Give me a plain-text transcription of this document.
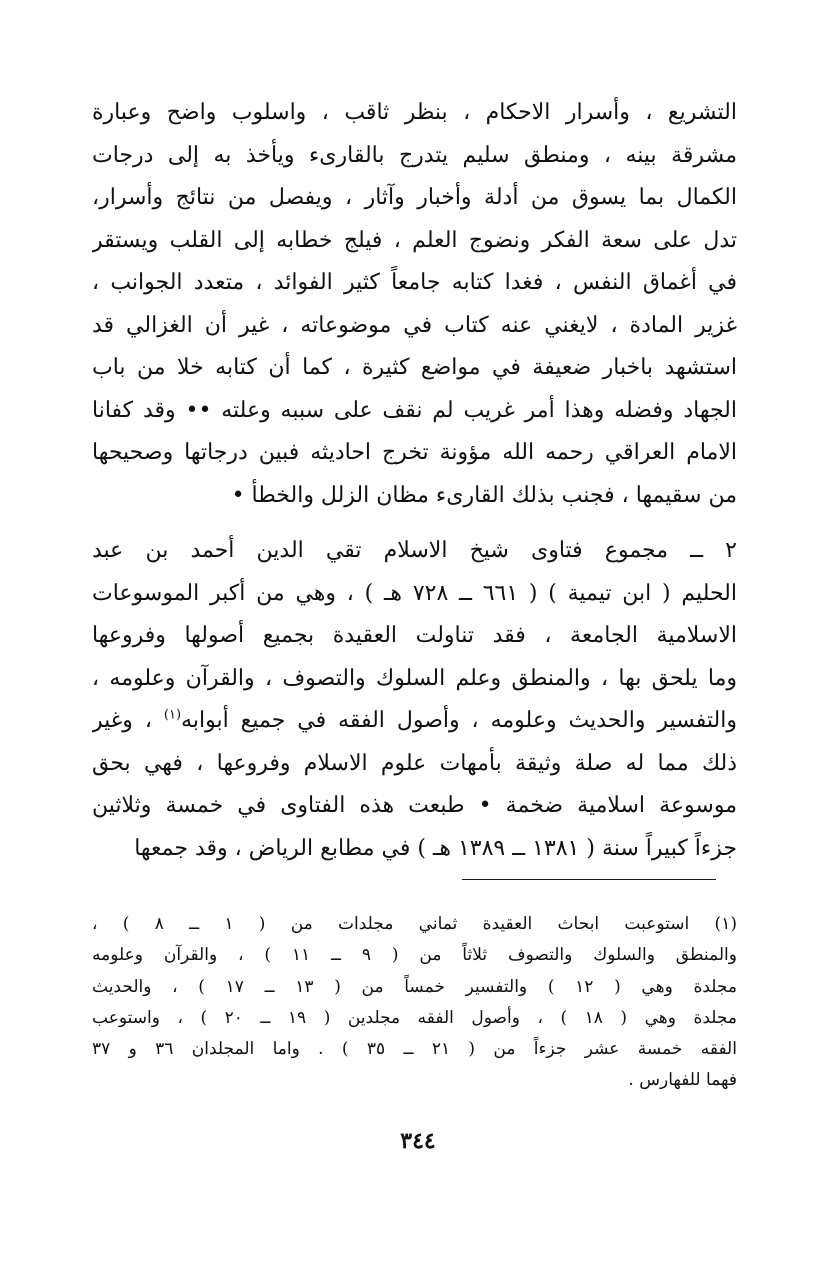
التشريع ، وأسرار الاحكام ، بنظر ثاقب ، واسلوب واضح وعبارة
مشرقة بينه ، ومنطق سليم يتدرج بالقارىء ويأخذ به إلى درجات
الكمال بما يسوق من أدلة وأخبار وآثار ، ويفصل من نتائج وأسرار،
تدل على سعة الفكر ونضوج العلم ، فيلج خطابه إلى القلب ويستقر
في أغماق النفس ، فغدا كتابه جامعاً كثير الفوائد ، متعدد الجوانب ،
غزير المادة ، لايغني عنه كتاب في موضوعاته ، غير أن الغزالي قد
استشهد باخبار ضعيفة في مواضع كثيرة ، كما أن كتابه خلا من باب
الجهاد وفضله وهذا أمر غريب لم نقف على سببه وعلته •• وقد كفانا
الامام العراقي رحمه الله مؤونة تخرج احاديثه فبين درجاتها وصحيحها
من سقيمها ، فجنب بذلك القارىء مظان الزلل والخطأ •
٢ ــ مجموع فتاوى شيخ الاسلام تقي الدين أحمد بن عبد
الحليم ( ابن تيمية ) ( ٦٦١ ــ ٧٢٨ هـ ) ، وهي من أكبر الموسوعات
الاسلامية الجامعة ، فقد تناولت العقيدة بجميع أصولها وفروعها
وما يلحق بها ، والمنطق وعلم السلوك والتصوف ، والقرآن وعلومه ،
والتفسير والحديث وعلومه ، وأصول الفقه في جميع أبوابه$^{(١)}$ ، وغير
ذلك مما له صلة وثيقة بأمهات علوم الاسلام وفروعها ، فهي بحق
موسوعة اسلامية ضخمة • طبعت هذه الفتاوى في خمسة وثلاثين
جزءاً كبيراً سنة ( ١٣٨١ ــ ١٣٨٩ هـ ) في مطابع الرياض ، وقد جمعها
(١) استوعبت ابحاث العقيدة ثماني مجلدات من ( ١ ــ ٨ ) ،
والمنطق والسلوك والتصوف ثلاثاً من ( ٩ ــ ١١ ) ، والقرآن وعلومه
مجلدة وهي ( ١٢ ) والتفسير خمساً من ( ١٣ ــ ١٧ ) ، والحديث
مجلدة وهي ( ١٨ ) ، وأصول الفقه مجلدين ( ١٩ ــ ٢٠ ) ، واستوعب
الفقه خمسة عشر جزءاً من ( ٢١ ــ ٣٥ ) . واما المجلدان ٣٦ و ٣٧
فهما للفهارس .
٣٤٤
